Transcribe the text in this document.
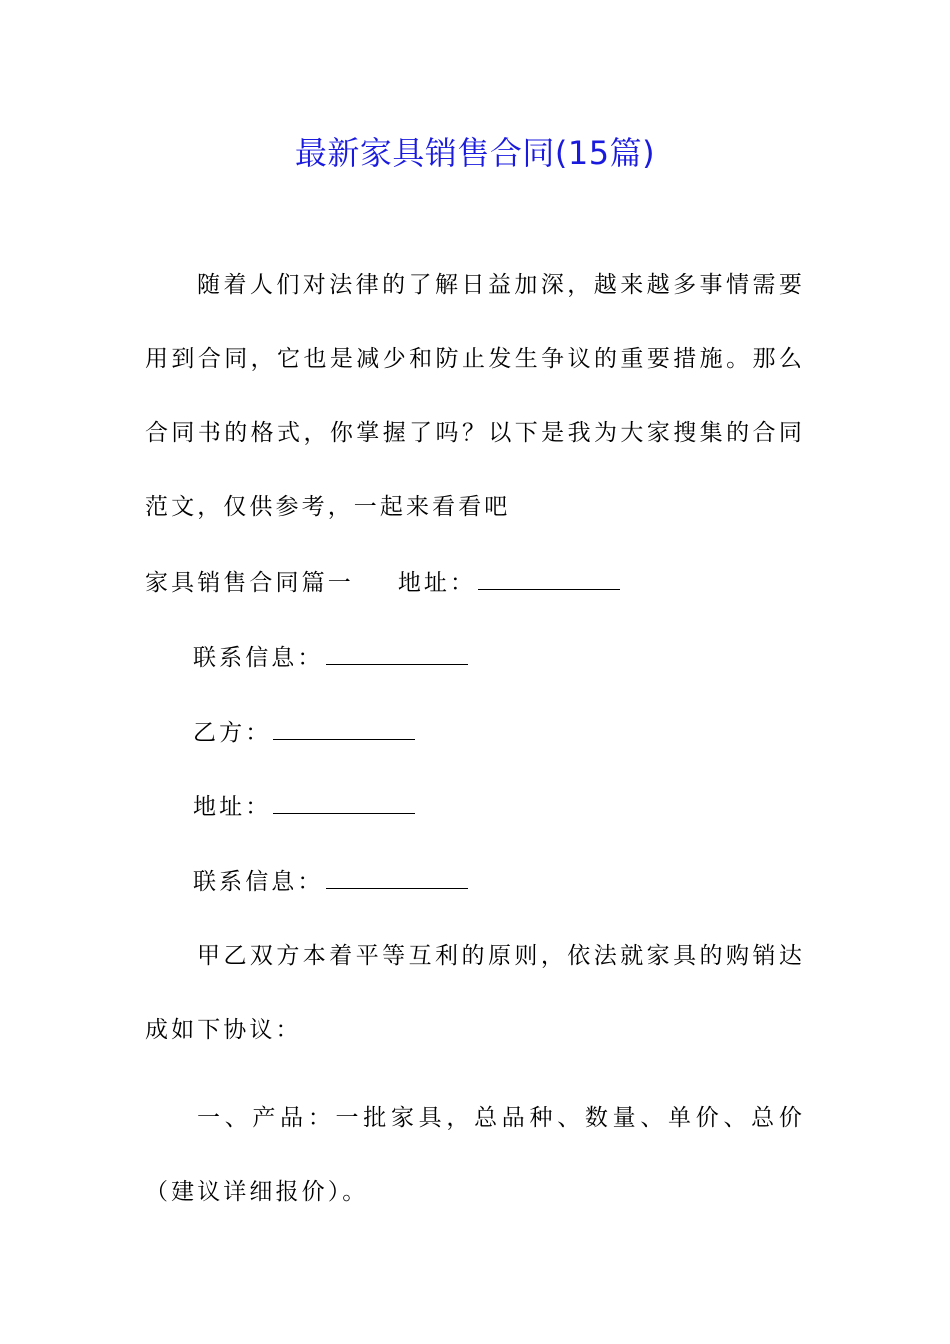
最新家具销售合同(15篇)
随着人们对法律的了解日益加深，越来越多事情需要用到合同，它也是减少和防止发生争议的重要措施。那么合同书的格式，你掌握了吗？以下是我为大家搜集的合同范文，仅供参考，一起来看看吧
家具销售合同篇一 地址：
联系信息：
乙方：
地址：
联系信息：
甲乙双方本着平等互利的原则，依法就家具的购销达成如下协议：
一、产品：一批家具，总品种、数量、单价、总价（建议详细报价）。
